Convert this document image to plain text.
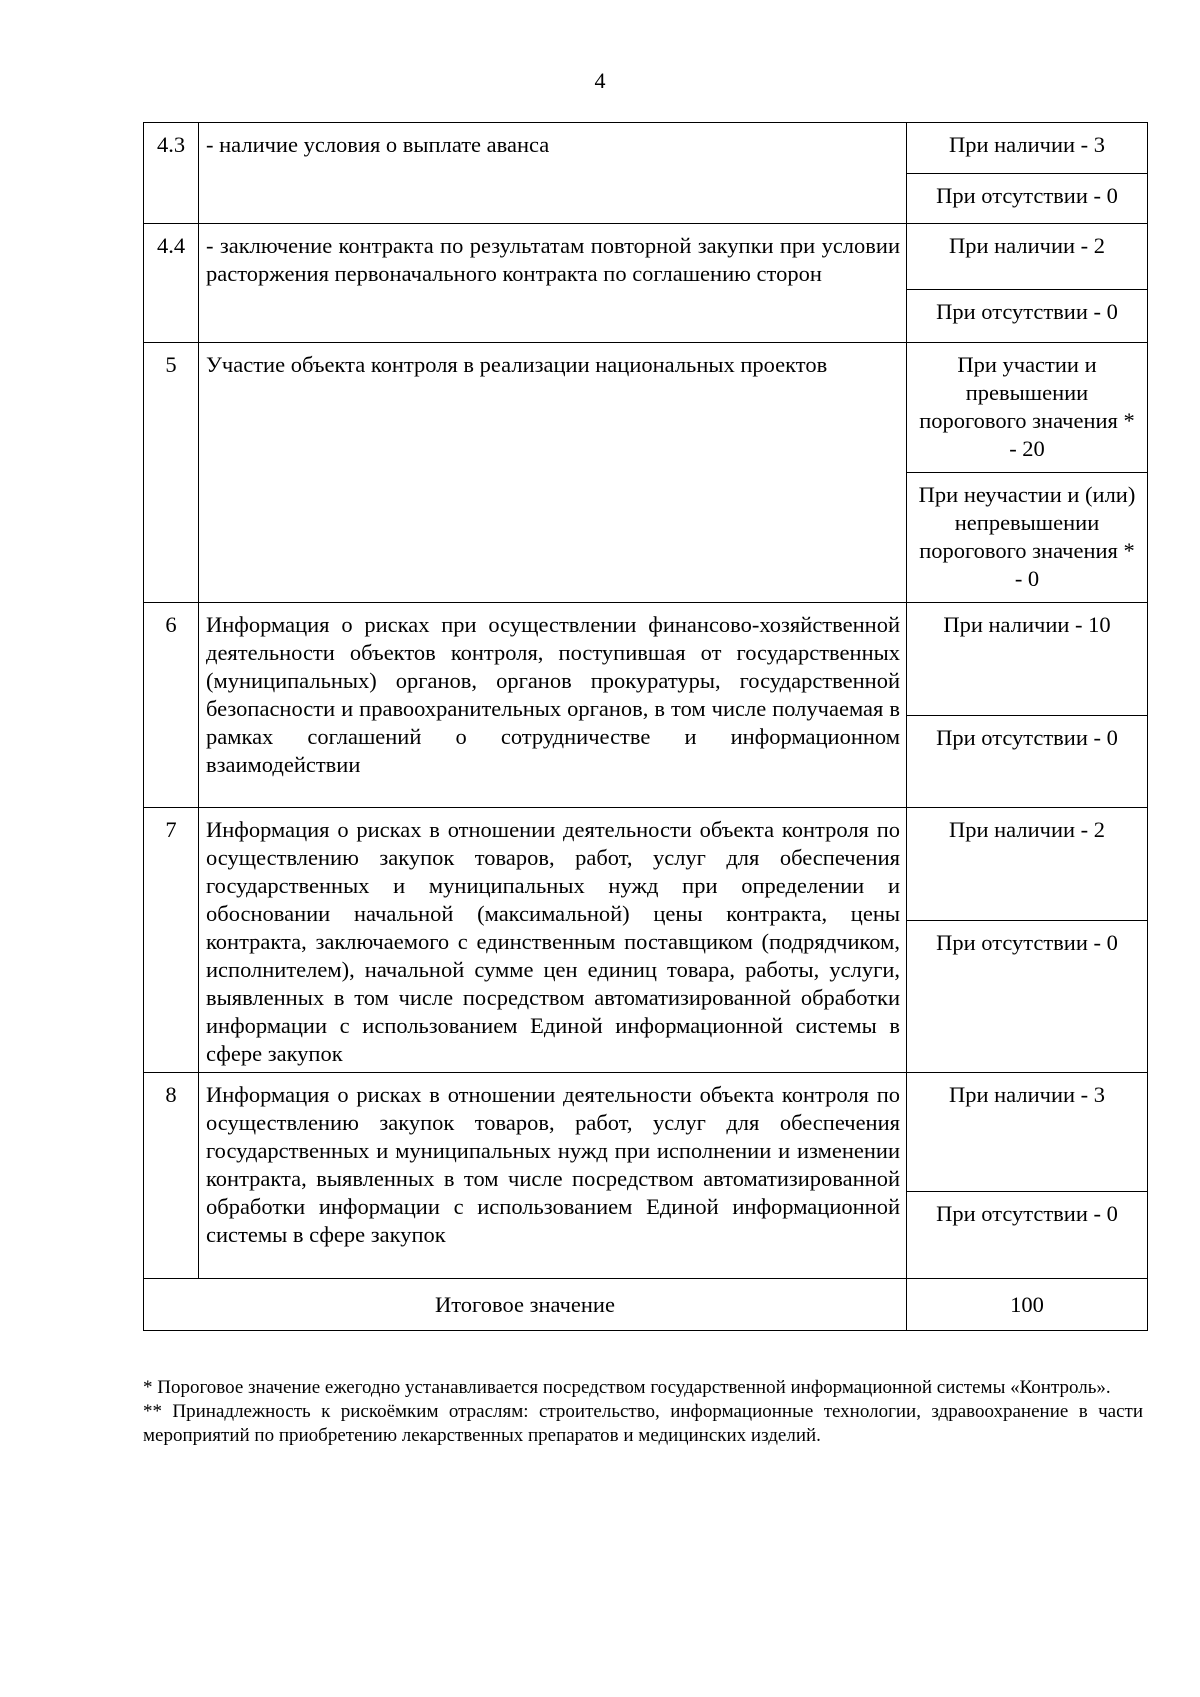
4
4.3	- наличие условия о выплате аванса	При наличии - 3
		При отсутствии - 0
4.4	- заключение контракта по результатам повторной закупки при условии расторжения первоначального контракта по соглашению сторон	При наличии - 2
		При отсутствии - 0
5	Участие объекта контроля в реализации национальных проектов	При участии и превышении порогового значения * - 20
		При неучастии и (или) непревышении порогового значения * - 0
6	Информация о рисках при осуществлении финансово-хозяйственной деятельности объектов контроля, поступившая от государственных (муниципальных) органов, органов прокуратуры, государственной безопасности и правоохранительных органов, в том числе получаемая в рамках соглашений о сотрудничестве и информационном взаимодействии	При наличии - 10
		При отсутствии - 0
7	Информация о рисках в отношении деятельности объекта контроля по осуществлению закупок товаров, работ, услуг для обеспечения государственных и муниципальных нужд при определении и обосновании начальной (максимальной) цены контракта, цены контракта, заключаемого с единственным поставщиком (подрядчиком, исполнителем), начальной сумме цен единиц товара, работы, услуги, выявленных в том числе посредством автоматизированной обработки информации с использованием Единой информационной системы в сфере закупок	При наличии - 2
		При отсутствии - 0
8	Информация о рисках в отношении деятельности объекта контроля по осуществлению закупок товаров, работ, услуг для обеспечения государственных и муниципальных нужд при исполнении и изменении контракта, выявленных в том числе посредством автоматизированной обработки информации с использованием Единой информационной системы в сфере закупок	При наличии - 3
		При отсутствии - 0
Итоговое значение		100

* Пороговое значение ежегодно устанавливается посредством государственной информационной системы «Контроль».

** Принадлежность к рискоёмким отраслям: строительство, информационные технологии, здравоохранение в части мероприятий по приобретению лекарственных препаратов и медицинских изделий.
